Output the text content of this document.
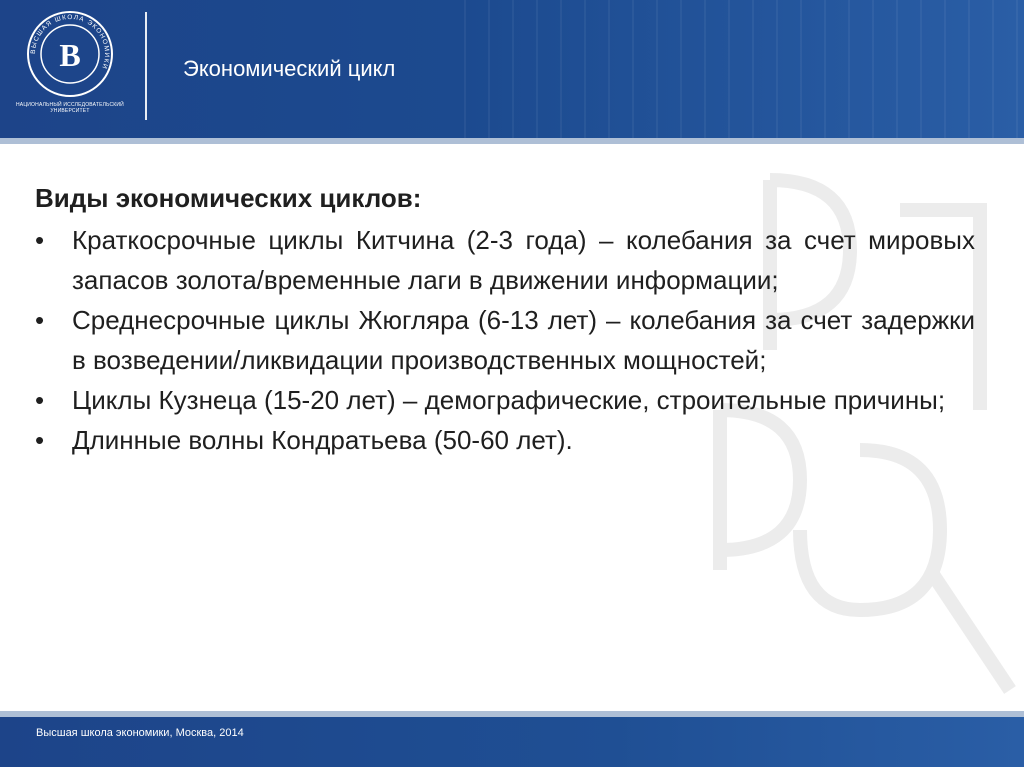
ВЫСШАЯ ШКОЛА ЭКОНОМИКИ
В
НАЦИОНАЛЬНЫЙ ИССЛЕДОВАТЕЛЬСКИЙ УНИВЕРСИТЕТ
Экономический цикл
Виды экономических циклов:
• Краткосрочные циклы Китчина (2-3 года) – колебания за счет мировых запасов золота/временные лаги в движении информации;
• Среднесрочные циклы Жюгляра (6-13 лет) – колебания за счет задержки в возведении/ликвидации производственных мощностей;
• Циклы Кузнеца (15-20 лет) – демографические, строительные причины;
• Длинные волны Кондратьева (50-60 лет).
Высшая школа экономики, Москва, 2014
